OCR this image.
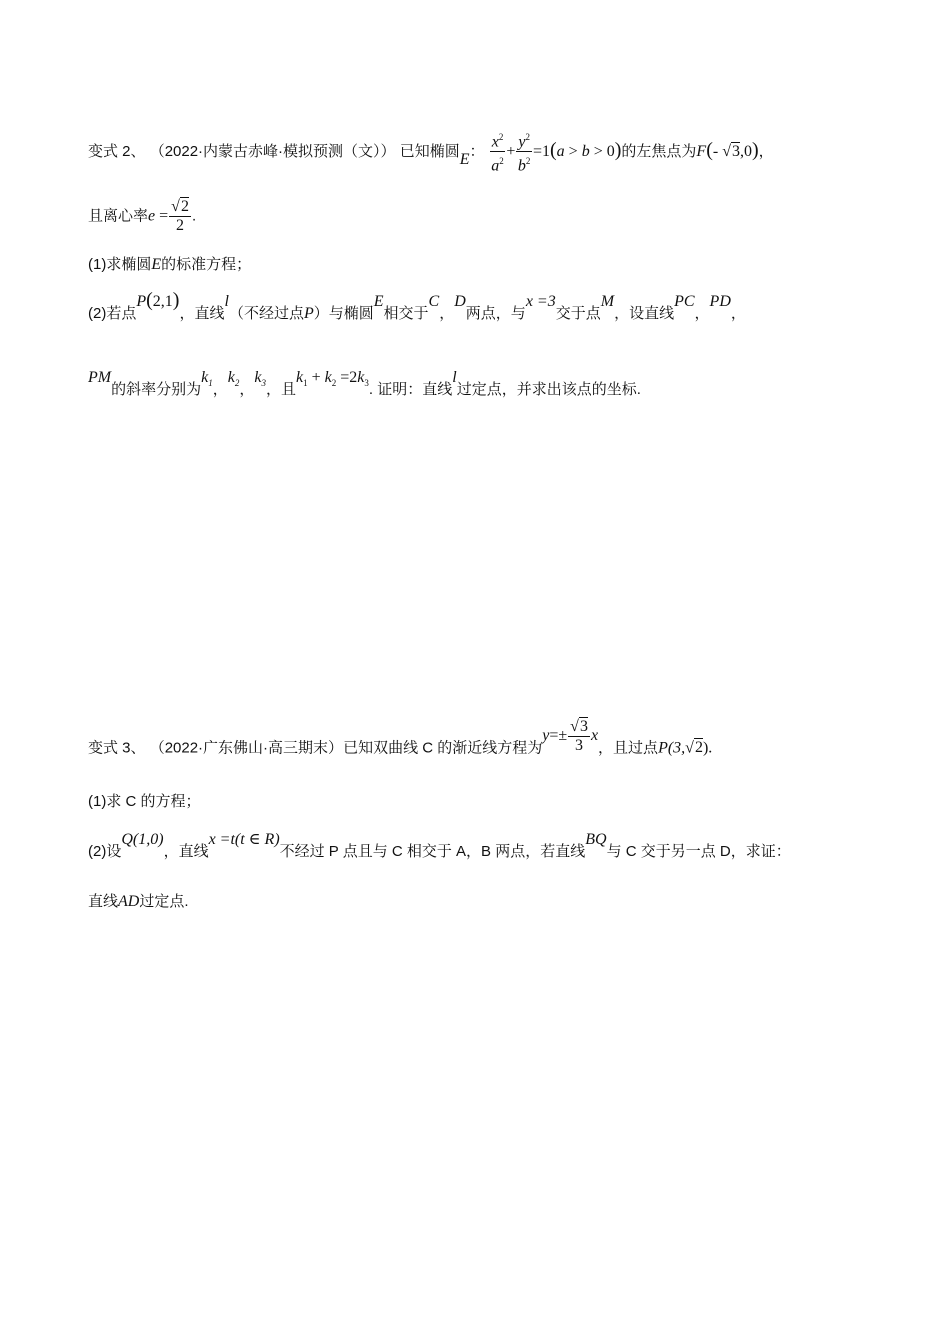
变式 2、 （2022·内蒙古赤峰·模拟预测（文）） 已知椭圆E： $\frac{x^2}{a^2} + \frac{y^2}{b^2} =1(a > b > 0)$的左焦点为F(- √3,0)，
且离心率$e = \frac{√2}{2}$ .
(1)求椭圆E的标准方程；
(2)若点P(2,1)，直线l（不经过点P）与椭圆E相交于C，D两点，与x =3交于点M，设直线PC，PD，
PM的斜率分别为$k_1$，$k_2$，$k_3$，且$k_1 + k_2 =2k_3$. 证明：直线l过定点，并求出该点的坐标.
变式 3、 （2022·广东佛山·高三期末）已知双曲线 C 的渐近线方程为$y=\pm \frac{√3}{3}$ x，且过点P(3,√2).
(1)求 C 的方程；
(2)设Q(1,0)，直线x =t(t ∈ R)不经过 P 点且与 C 相交于 A，B 两点，若直线BQ与 C 交于另一点 D，求证：
直线AD过定点.
